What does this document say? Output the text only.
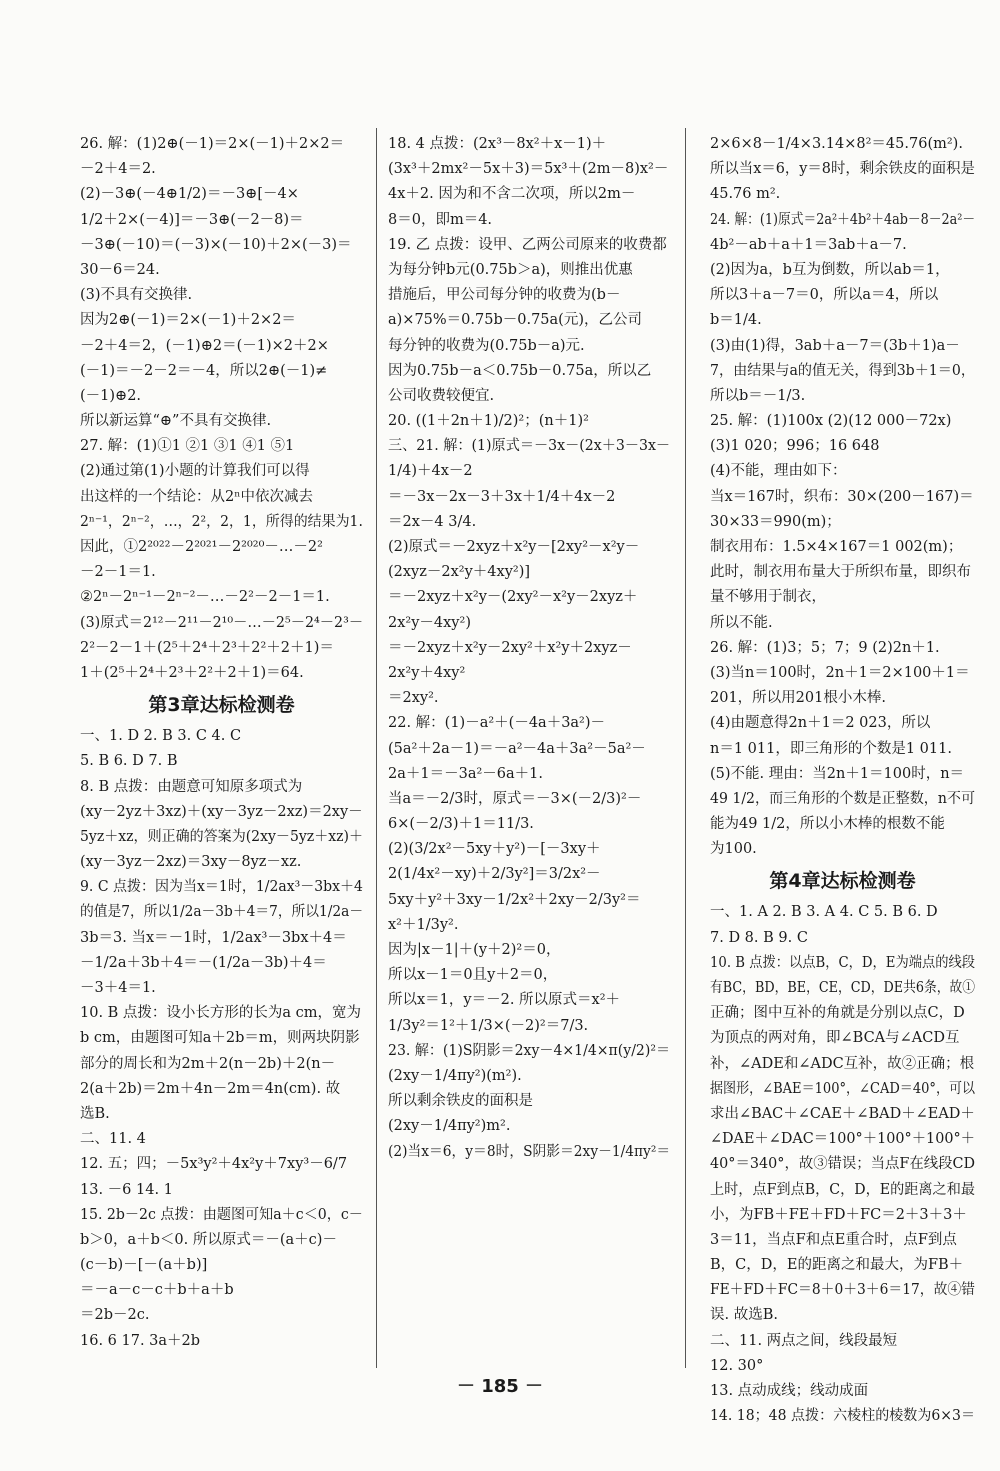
26. 解：(1)2⊕(－1)＝2×(－1)＋2×2＝
－2＋4＝2.
(2)－3⊕(－4⊕1/2)＝－3⊕[－4×
1/2＋2×(－4)]＝－3⊕(－2－8)＝
－3⊕(－10)＝(－3)×(－10)＋2×(－3)＝
30－6＝24.
(3)不具有交换律.
因为2⊕(－1)＝2×(－1)＋2×2＝
－2＋4＝2，(－1)⊕2＝(－1)×2＋2×
(－1)＝－2－2＝－4，所以2⊕(－1)≠
(－1)⊕2.
所以新运算“⊕”不具有交换律.
27. 解：(1)①1 ②1 ③1 ④1 ⑤1
(2)通过第(1)小题的计算我们可以得
出这样的一个结论：从2ⁿ中依次减去
2ⁿ⁻¹，2ⁿ⁻²，…，2²，2，1，所得的结果为1.
因此，①2²⁰²²－2²⁰²¹－2²⁰²⁰－…－2²
－2－1＝1.
②2ⁿ－2ⁿ⁻¹－2ⁿ⁻²－…－2²－2－1＝1.
(3)原式＝2¹²－2¹¹－2¹⁰－…－2⁵－2⁴－2³－
2²－2－1＋(2⁵＋2⁴＋2³＋2²＋2＋1)＝
1＋(2⁵＋2⁴＋2³＋2²＋2＋1)＝64.
第3章达标检测卷
一、1. D 2. B 3. C 4. C
5. B 6. D 7. B
8. B 点拨：由题意可知原多项式为
(xy－2yz＋3xz)＋(xy－3yz－2xz)＝2xy－
5yz＋xz，则正确的答案为(2xy－5yz＋xz)＋
(xy－3yz－2xz)＝3xy－8yz－xz.
9. C 点拨：因为当x＝1时，1/2ax³－3bx＋4
的值是7，所以1/2a－3b＋4＝7，所以1/2a－
3b＝3. 当x＝－1时，1/2ax³－3bx＋4＝
－1/2a＋3b＋4＝－(1/2a－3b)＋4＝
－3＋4＝1.
10. B 点拨：设小长方形的长为a cm，宽为
b cm，由题图可知a＋2b＝m，则两块阴影
部分的周长和为2m＋2(n－2b)＋2(n－
2(a＋2b)＝2m＋4n－2m＝4n(cm). 故
选B.
二、11. 4
12. 五；四；－5x³y²＋4x²y＋7xy³－6/7
13. －6 14. 1
15. 2b－2c 点拨：由题图可知a＋c＜0，c－
b＞0，a＋b＜0. 所以原式＝－(a＋c)－
(c－b)－[－(a＋b)]
＝－a－c－c＋b＋a＋b
＝2b－2c.
16. 6 17. 3a＋2b
18. 4 点拨：(2x³－8x²＋x－1)＋
(3x³＋2mx²－5x＋3)＝5x³＋(2m－8)x²－
4x＋2. 因为和不含二次项，所以2m－
8＝0，即m＝4.
19. 乙 点拨：设甲、乙两公司原来的收费都
为每分钟b元(0.75b＞a)，则推出优惠
措施后，甲公司每分钟的收费为(b－
a)×75%＝0.75b－0.75a(元)，乙公司
每分钟的收费为(0.75b－a)元.
因为0.75b－a＜0.75b－0.75a，所以乙
公司收费较便宜.
20. ((1＋2n＋1)/2)²；(n＋1)²
三、21. 解：(1)原式＝－3x－(2x＋3－3x－
1/4)＋4x－2
＝－3x－2x－3＋3x＋1/4＋4x－2
＝2x－4 3/4.
(2)原式＝－2xyz＋x²y－[2xy²－x²y－
(2xyz－2x²y＋4xy²)]
＝－2xyz＋x²y－(2xy²－x²y－2xyz＋
2x²y－4xy²)
＝－2xyz＋x²y－2xy²＋x²y＋2xyz－
2x²y＋4xy²
＝2xy².
22. 解：(1)－a²＋(－4a＋3a²)－
(5a²＋2a－1)＝－a²－4a＋3a²－5a²－
2a＋1＝－3a²－6a＋1.
当a＝－2/3时，原式＝－3×(－2/3)²－
6×(－2/3)＋1＝11/3.
(2)(3/2x²－5xy＋y²)－[－3xy＋
2(1/4x²－xy)＋2/3y²]＝3/2x²－
5xy＋y²＋3xy－1/2x²＋2xy－2/3y²＝
x²＋1/3y².
因为|x－1|＋(y＋2)²＝0，
所以x－1＝0且y＋2＝0，
所以x＝1，y＝－2. 所以原式＝x²＋
1/3y²＝1²＋1/3×(－2)²＝7/3.
23. 解：(1)S阴影＝2xy－4×1/4×π(y/2)²＝
(2xy－1/4πy²)(m²).
所以剩余铁皮的面积是
(2xy－1/4πy²)m².
(2)当x＝6，y＝8时，S阴影＝2xy－1/4πy²＝
2×6×8－1/4×3.14×8²＝45.76(m²).
所以当x＝6，y＝8时，剩余铁皮的面积是
45.76 m².
24. 解：(1)原式＝2a²＋4b²＋4ab－8－2a²－
4b²－ab＋a＋1＝3ab＋a－7.
(2)因为a，b互为倒数，所以ab＝1，
所以3＋a－7＝0，所以a＝4，所以
b＝1/4.
(3)由(1)得，3ab＋a－7＝(3b＋1)a－
7，由结果与a的值无关，得到3b＋1＝0，
所以b＝－1/3.
25. 解：(1)100x (2)(12 000－72x)
(3)1 020；996；16 648
(4)不能，理由如下：
当x＝167时，织布：30×(200－167)＝
30×33＝990(m)；
制衣用布：1.5×4×167＝1 002(m)；
此时，制衣用布量大于所织布量，即织布
量不够用于制衣，
所以不能.
26. 解：(1)3；5；7；9 (2)2n＋1.
(3)当n＝100时，2n＋1＝2×100＋1＝
201，所以用201根小木棒.
(4)由题意得2n＋1＝2 023，所以
n＝1 011，即三角形的个数是1 011.
(5)不能. 理由：当2n＋1＝100时，n＝
49 1/2，而三角形的个数是正整数，n不可
能为49 1/2，所以小木棒的根数不能
为100.
第4章达标检测卷
一、1. A 2. B 3. A 4. C 5. B 6. D
7. D 8. B 9. C
10. B 点拨：以点B，C，D，E为端点的线段
有BC，BD，BE，CE，CD，DE共6条，故①
正确；图中互补的角就是分别以点C，D
为顶点的两对角，即∠BCA与∠ACD互
补，∠ADE和∠ADC互补，故②正确；根
据图形，∠BAE＝100°，∠CAD＝40°，可以
求出∠BAC＋∠CAE＋∠BAD＋∠EAD＋
∠DAE＋∠DAC＝100°＋100°＋100°＋
40°＝340°，故③错误；当点F在线段CD
上时，点F到点B，C，D，E的距离之和最
小，为FB＋FE＋FD＋FC＝2＋3＋3＋
3＝11，当点F和点E重合时，点F到点
B，C，D，E的距离之和最大，为FB＋
FE＋FD＋FC＝8＋0＋3＋6＝17，故④错
误. 故选B.
二、11. 两点之间，线段最短
12. 30°
13. 点动成线；线动成面
14. 18；48 点拨：六棱柱的棱数为6×3＝
－ 185 －
